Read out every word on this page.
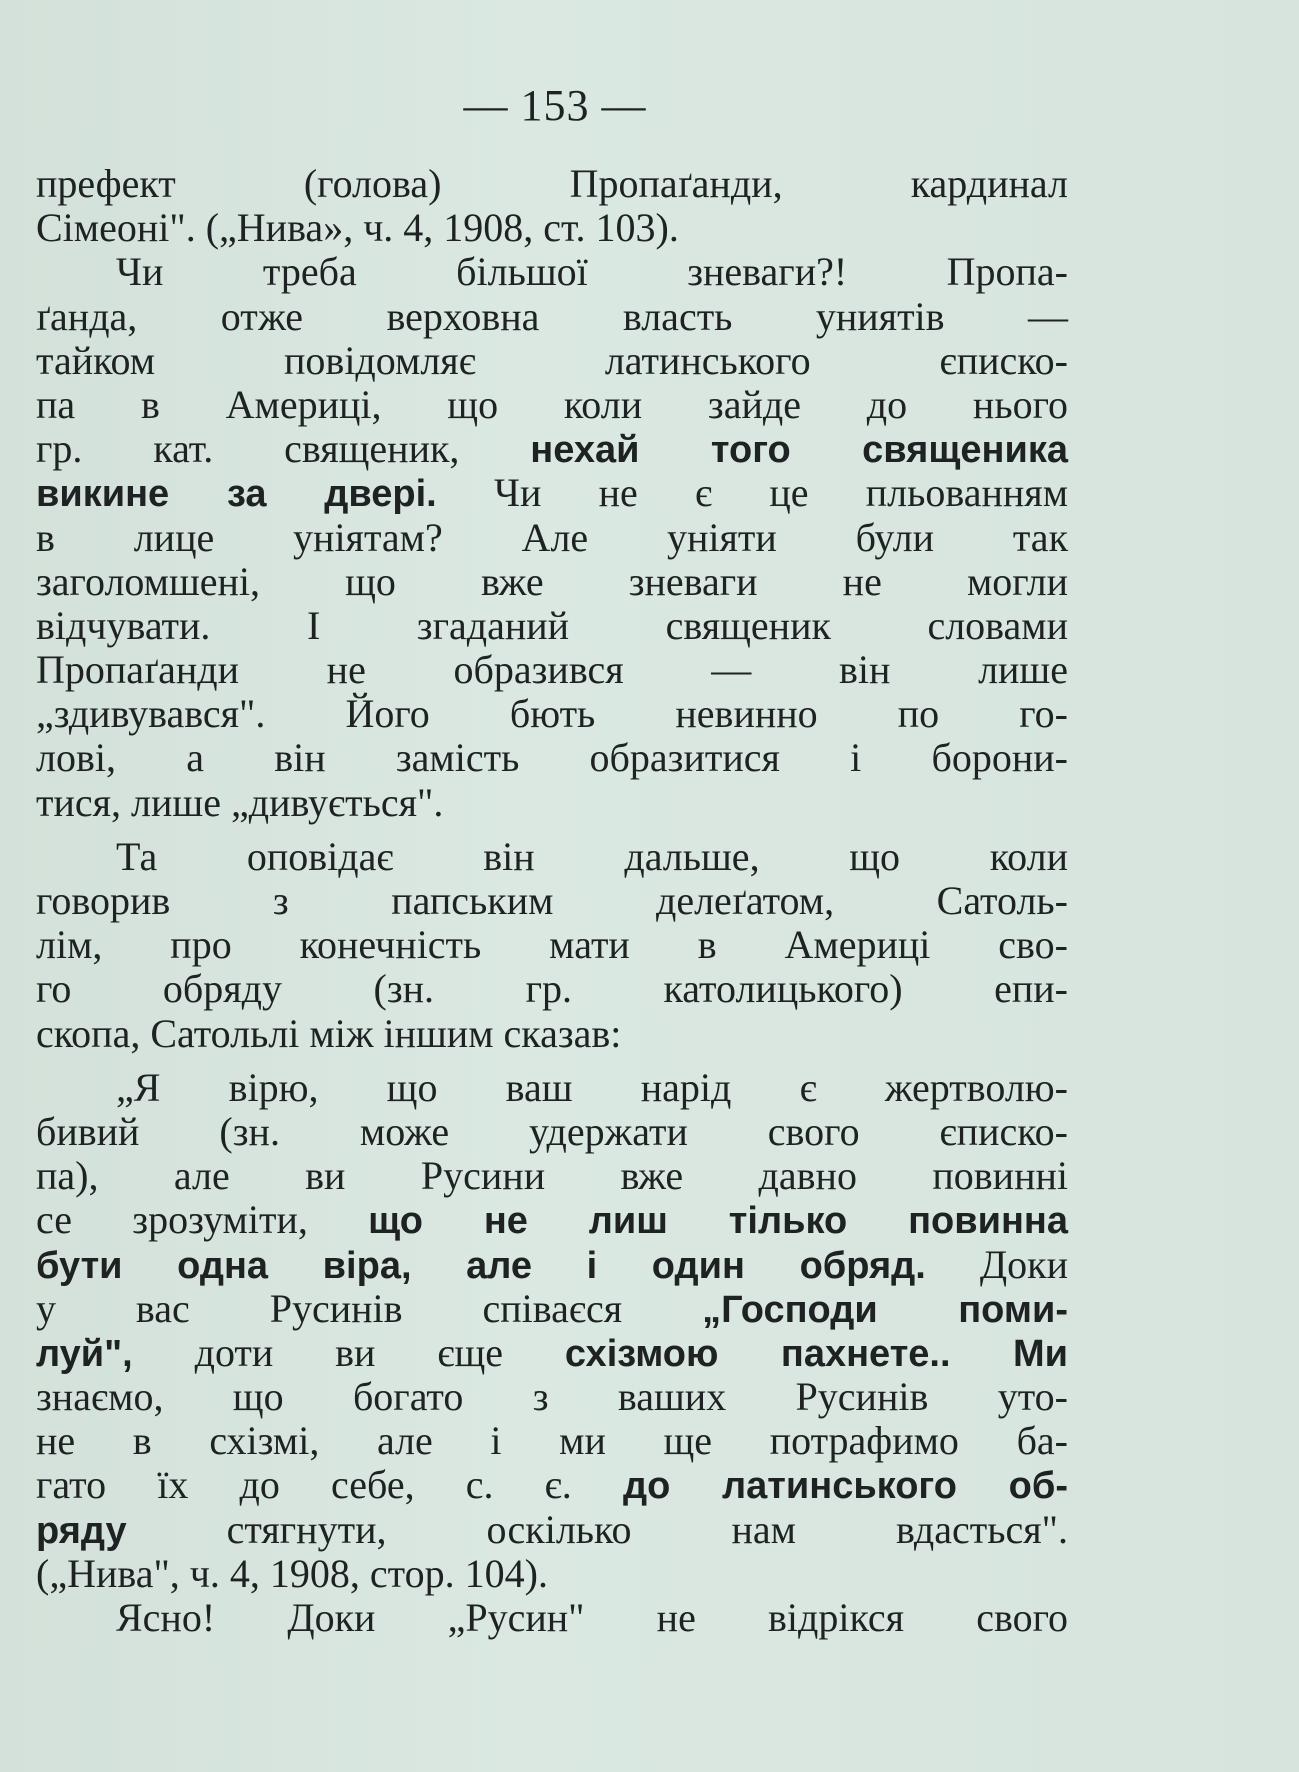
— 153 —
префект (голова) Пропаґанди, кардинал
Сімеоні". („Нива», ч. 4, 1908, ст. 103).
Чи треба більшої зневаги?! Пропа-
ґанда, отже верховна власть униятів —
тайком повідомляє латинського єписко-
па в Америці, що коли зайде до нього
гр. кат. священик, нехай того священика
викине за двері. Чи не є це пльованням
в лице уніятам? Але уніяти були так
заголомшені, що вже зневаги не могли
відчувати. І згаданий священик словами
Пропаґанди не образився — він лише
„здивувався". Його бють невинно по го-
лові, а він замість образитися і борони-
тися, лише „дивується".
Та оповідає він дальше, що коли
говорив з папським делеґатом, Сатоль-
лім, про конечність мати в Америці сво-
го обряду (зн. гр. католицького) епи-
скопа, Сатольлі між іншим сказав:
„Я вірю, що ваш нарід є жертволю-
бивий (зн. може удержати свого єписко-
па), але ви Русини вже давно повинні
се зрозуміти, що не лиш тілько повинна
бути одна віра, але і один обряд. Доки
у вас Русинів співаєся „Господи поми-
луй", доти ви єще схізмою пахнете.. Ми
знаємо, що богато з ваших Русинів уто-
не в схізмі, але і ми ще потрафимо ба-
гато їх до себе, с. є. до латинського об-
ряду стягнути, оскілько нам вдасться".
(„Нива", ч. 4, 1908, стор. 104).
Ясно! Доки „Русин" не відрікся свого
